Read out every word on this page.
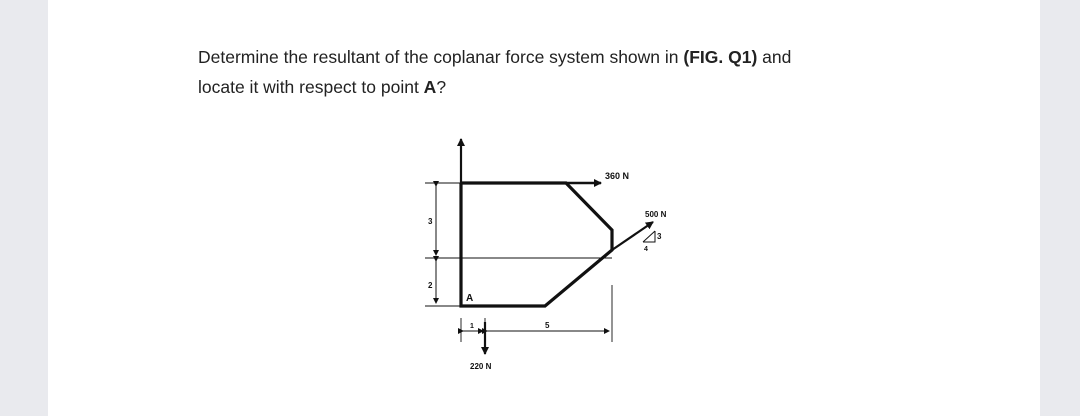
Determine the resultant of the coplanar force system shown in (FIG. Q1) and
locate it with respect to point A?
360 N
500 N
3
4
220 N
A
3
2
1	5
